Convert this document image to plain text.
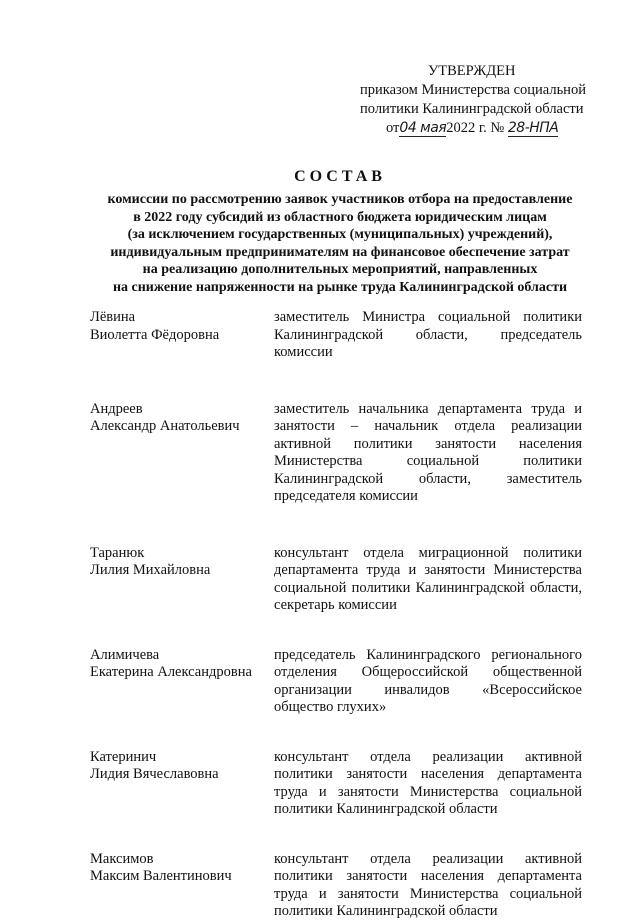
УТВЕРЖДЕН
приказом Министерства социальной
политики Калининградской области
от04 мая2022 г. № 28-НПА
СОСТАВ
комиссии по рассмотрению заявок участников отбора на предоставление
в 2022 году субсидий из областного бюджета юридическим лицам
(за исключением государственных (муниципальных) учреждений),
индивидуальным предпринимателям на финансовое обеспечение затрат
на реализацию дополнительных мероприятий, направленных
на снижение напряженности на рынке труда Калининградской области
Лёвина
Виолетта Фёдоровна
заместитель Министра социальной политики Калининградской области, председатель комиссии
Андреев
Александр Анатольевич
заместитель начальника департамента труда и занятости – начальник отдела реализации активной политики занятости населения Министерства социальной политики Калининградской области, заместитель председателя комиссии
Таранюк
Лилия Михайловна
консультант отдела миграционной политики департамента труда и занятости Министерства социальной политики Калининградской области, секретарь комиссии
Алимичева
Екатерина Александровна
председатель Калининградского регионального отделения Общероссийской общественной организации инвалидов «Всероссийское общество глухих»
Катеринич
Лидия Вячеславовна
консультант отдела реализации активной политики занятости населения департамента труда и занятости Министерства социальной политики Калининградской области
Максимов
Максим Валентинович
консультант отдела реализации активной политики занятости населения департамента труда и занятости Министерства социальной политики Калининградской области
